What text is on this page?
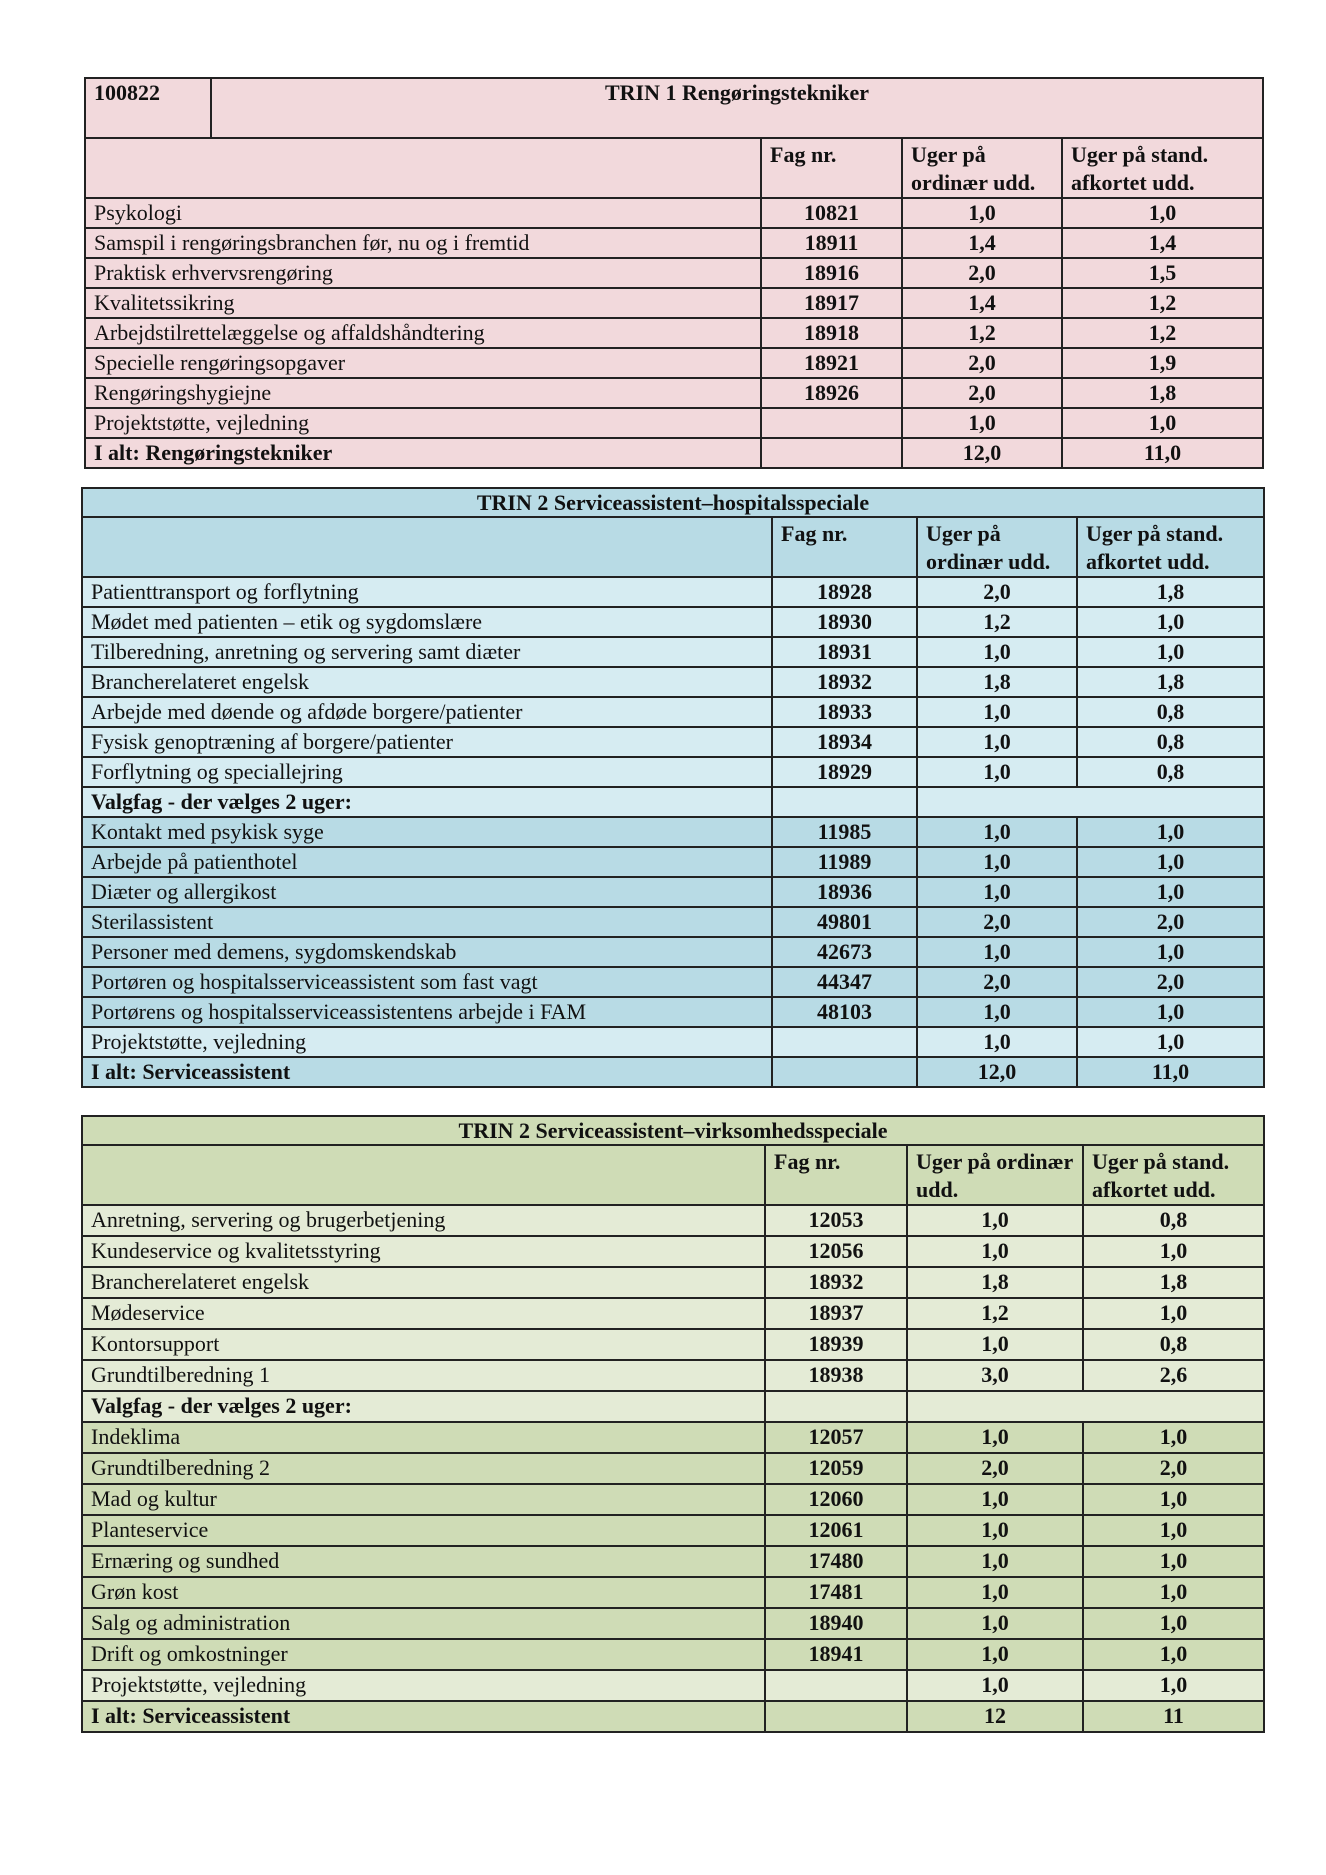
100822	TRIN 1 Rengøringstekniker			
		Fag nr.	Uger på ordinær udd.	Uger på stand. afkortet udd.
Psykologi		10821	1,0	1,0
Samspil i rengøringsbranchen før, nu og i fremtid		18911	1,4	1,4
Praktisk erhvervsrengøring		18916	2,0	1,5
Kvalitetssikring		18917	1,4	1,2
Arbejdstilrettelæggelse og affaldshåndtering		18918	1,2	1,2
Specielle rengøringsopgaver		18921	2,0	1,9
Rengøringshygiejne		18926	2,0	1,8
Projektstøtte, vejledning			1,0	1,0
I alt: Rengøringstekniker			12,0	11,0
TRIN 2 Serviceassistent–hospitalsspeciale			
	Fag nr.	Uger på ordinær udd.	Uger på stand. afkortet udd.
Patienttransport og forflytning	18928	2,0	1,8
Mødet med patienten – etik og sygdomslære	18930	1,2	1,0
Tilberedning, anretning og servering samt diæter	18931	1,0	1,0
Brancherelateret engelsk	18932	1,8	1,8
Arbejde med døende og afdøde borgere/patienter	18933	1,0	0,8
Fysisk genoptræning af borgere/patienter	18934	1,0	0,8
Forflytning og speciallejring	18929	1,0	0,8
Valgfag - der vælges 2 uger:			
Kontakt med psykisk syge	11985	1,0	1,0
Arbejde på patienthotel	11989	1,0	1,0
Diæter og allergikost	18936	1,0	1,0
Sterilassistent	49801	2,0	2,0
Personer med demens, sygdomskendskab	42673	1,0	1,0
Portøren og hospitalsserviceassistent som fast vagt	44347	2,0	2,0
Portørens og hospitalsserviceassistentens arbejde i FAM	48103	1,0	1,0
Projektstøtte, vejledning		1,0	1,0
I alt: Serviceassistent		12,0	11,0
TRIN 2 Serviceassistent–virksomhedsspeciale			
	Fag nr.	Uger på ordinær udd.	Uger på stand. afkortet udd.
Anretning, servering og brugerbetjening	12053	1,0	0,8
Kundeservice og kvalitetsstyring	12056	1,0	1,0
Brancherelateret engelsk	18932	1,8	1,8
Mødeservice	18937	1,2	1,0
Kontorsupport	18939	1,0	0,8
Grundtilberedning 1	18938	3,0	2,6
Valgfag - der vælges 2 uger:			
Indeklima	12057	1,0	1,0
Grundtilberedning 2	12059	2,0	2,0
Mad og kultur	12060	1,0	1,0
Planteservice	12061	1,0	1,0
Ernæring og sundhed	17480	1,0	1,0
Grøn kost	17481	1,0	1,0
Salg og administration	18940	1,0	1,0
Drift og omkostninger	18941	1,0	1,0
Projektstøtte, vejledning		1,0	1,0
I alt: Serviceassistent		12	11
